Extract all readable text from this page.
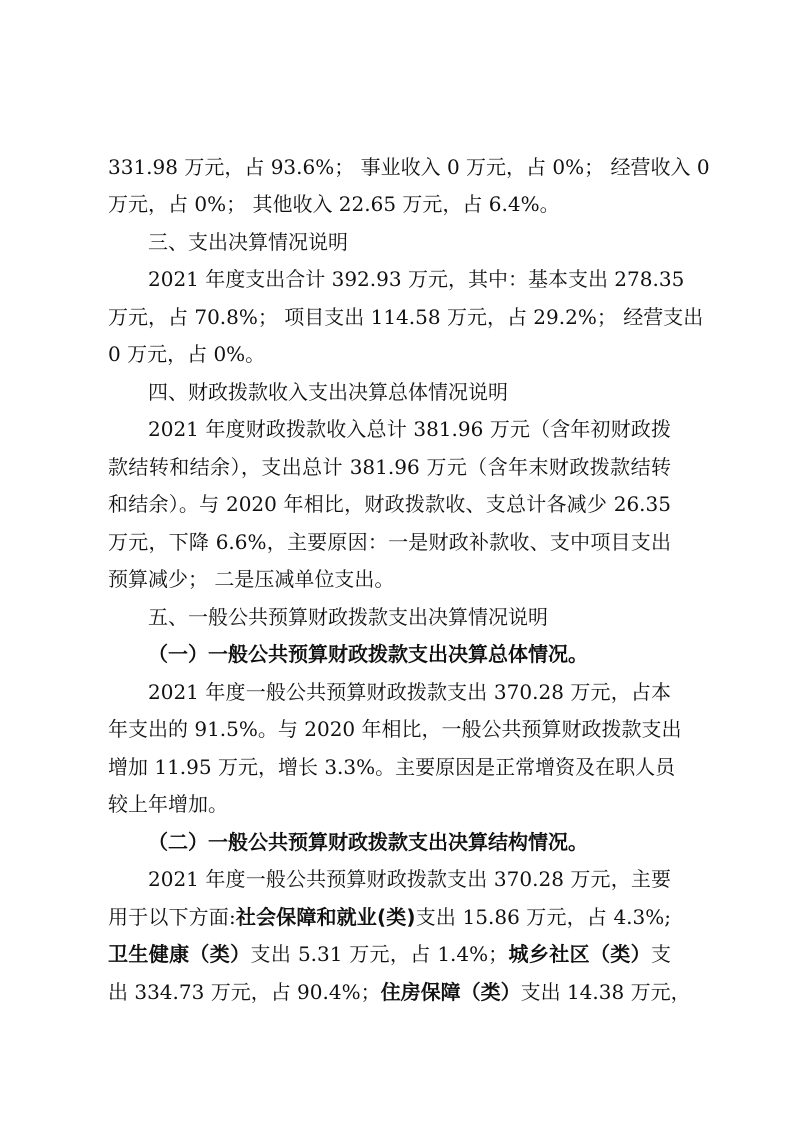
331.98 万元，占 93.6%； 事业收入 0 万元，占 0%； 经营收入 0
万元，占 0%； 其他收入 22.65 万元，占 6.4%。
三、支出决算情况说明
2021 年度支出合计 392.93 万元，其中：基本支出 278.35
万元，占 70.8%； 项目支出 114.58 万元，占 29.2%； 经营支出
0 万元，占 0%。
四、财政拨款收入支出决算总体情况说明
2021 年度财政拨款收入总计 381.96 万元（含年初财政拨
款结转和结余），支出总计 381.96 万元（含年末财政拨款结转
和结余）。与 2020 年相比，财政拨款收、支总计各减少 26.35
万元，下降 6.6%，主要原因：一是财政补款收、支中项目支出
预算减少； 二是压减单位支出。
五、一般公共预算财政拨款支出决算情况说明
（一）一般公共预算财政拨款支出决算总体情况。
2021 年度一般公共预算财政拨款支出 370.28 万元，占本
年支出的 91.5%。与 2020 年相比，一般公共预算财政拨款支出
增加 11.95 万元，增长 3.3%。主要原因是正常增资及在职人员
较上年增加。
（二）一般公共预算财政拨款支出决算结构情况。
2021 年度一般公共预算财政拨款支出 370.28 万元，主要
用于以下方面:社会保障和就业(类)支出 15.86 万元，占 4.3%;
卫生健康（类）支出 5.31 万元，占 1.4%；城乡社区（类）支
出 334.73 万元，占 90.4%；住房保障（类）支出 14.38 万元，
